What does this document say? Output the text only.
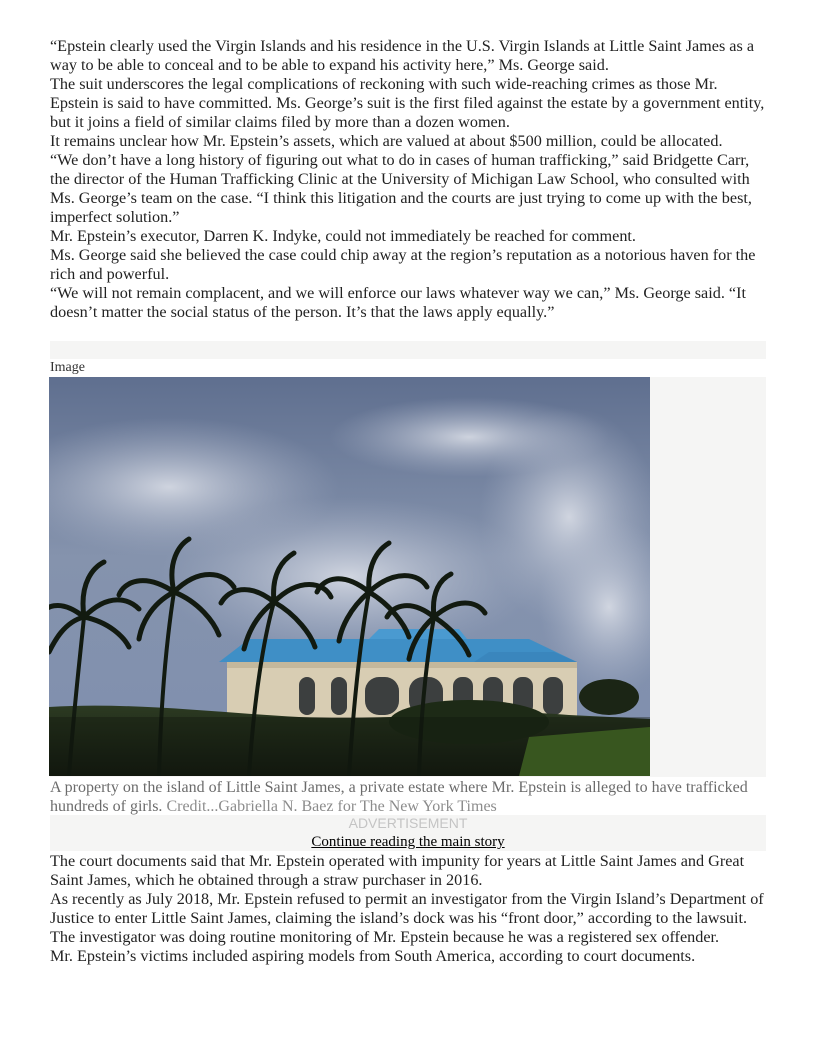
“Epstein clearly used the Virgin Islands and his residence in the U.S. Virgin Islands at Little Saint James as a way to be able to conceal and to be able to expand his activity here,” Ms. George said.

The suit underscores the legal complications of reckoning with such wide-reaching crimes as those Mr. Epstein is said to have committed. Ms. George’s suit is the first filed against the estate by a government entity, but it joins a field of similar claims filed by more than a dozen women.

It remains unclear how Mr. Epstein’s assets, which are valued at about $500 million, could be allocated.

“We don’t have a long history of figuring out what to do in cases of human trafficking,” said Bridgette Carr, the director of the Human Trafficking Clinic at the University of Michigan Law School, who consulted with Ms. George’s team on the case. “I think this litigation and the courts are just trying to come up with the best, imperfect solution.”

Mr. Epstein’s executor, Darren K. Indyke, could not immediately be reached for comment.

Ms. George said she believed the case could chip away at the region’s reputation as a notorious haven for the rich and powerful.

“We will not remain complacent, and we will enforce our laws whatever way we can,” Ms. George said. “It doesn’t matter the social status of the person. It’s that the laws apply equally.”

Image
A property on the island of Little Saint James, a private estate where Mr. Epstein is alleged to have trafficked hundreds of girls. Credit...Gabriella N. Baez for The New York Times
ADVERTISEMENT
Continue reading the main story

The court documents said that Mr. Epstein operated with impunity for years at Little Saint James and Great Saint James, which he obtained through a straw purchaser in 2016.

As recently as July 2018, Mr. Epstein refused to permit an investigator from the Virgin Island’s Department of Justice to enter Little Saint James, claiming the island’s dock was his “front door,” according to the lawsuit. The investigator was doing routine monitoring of Mr. Epstein because he was a registered sex offender.

Mr. Epstein’s victims included aspiring models from South America, according to court documents.
